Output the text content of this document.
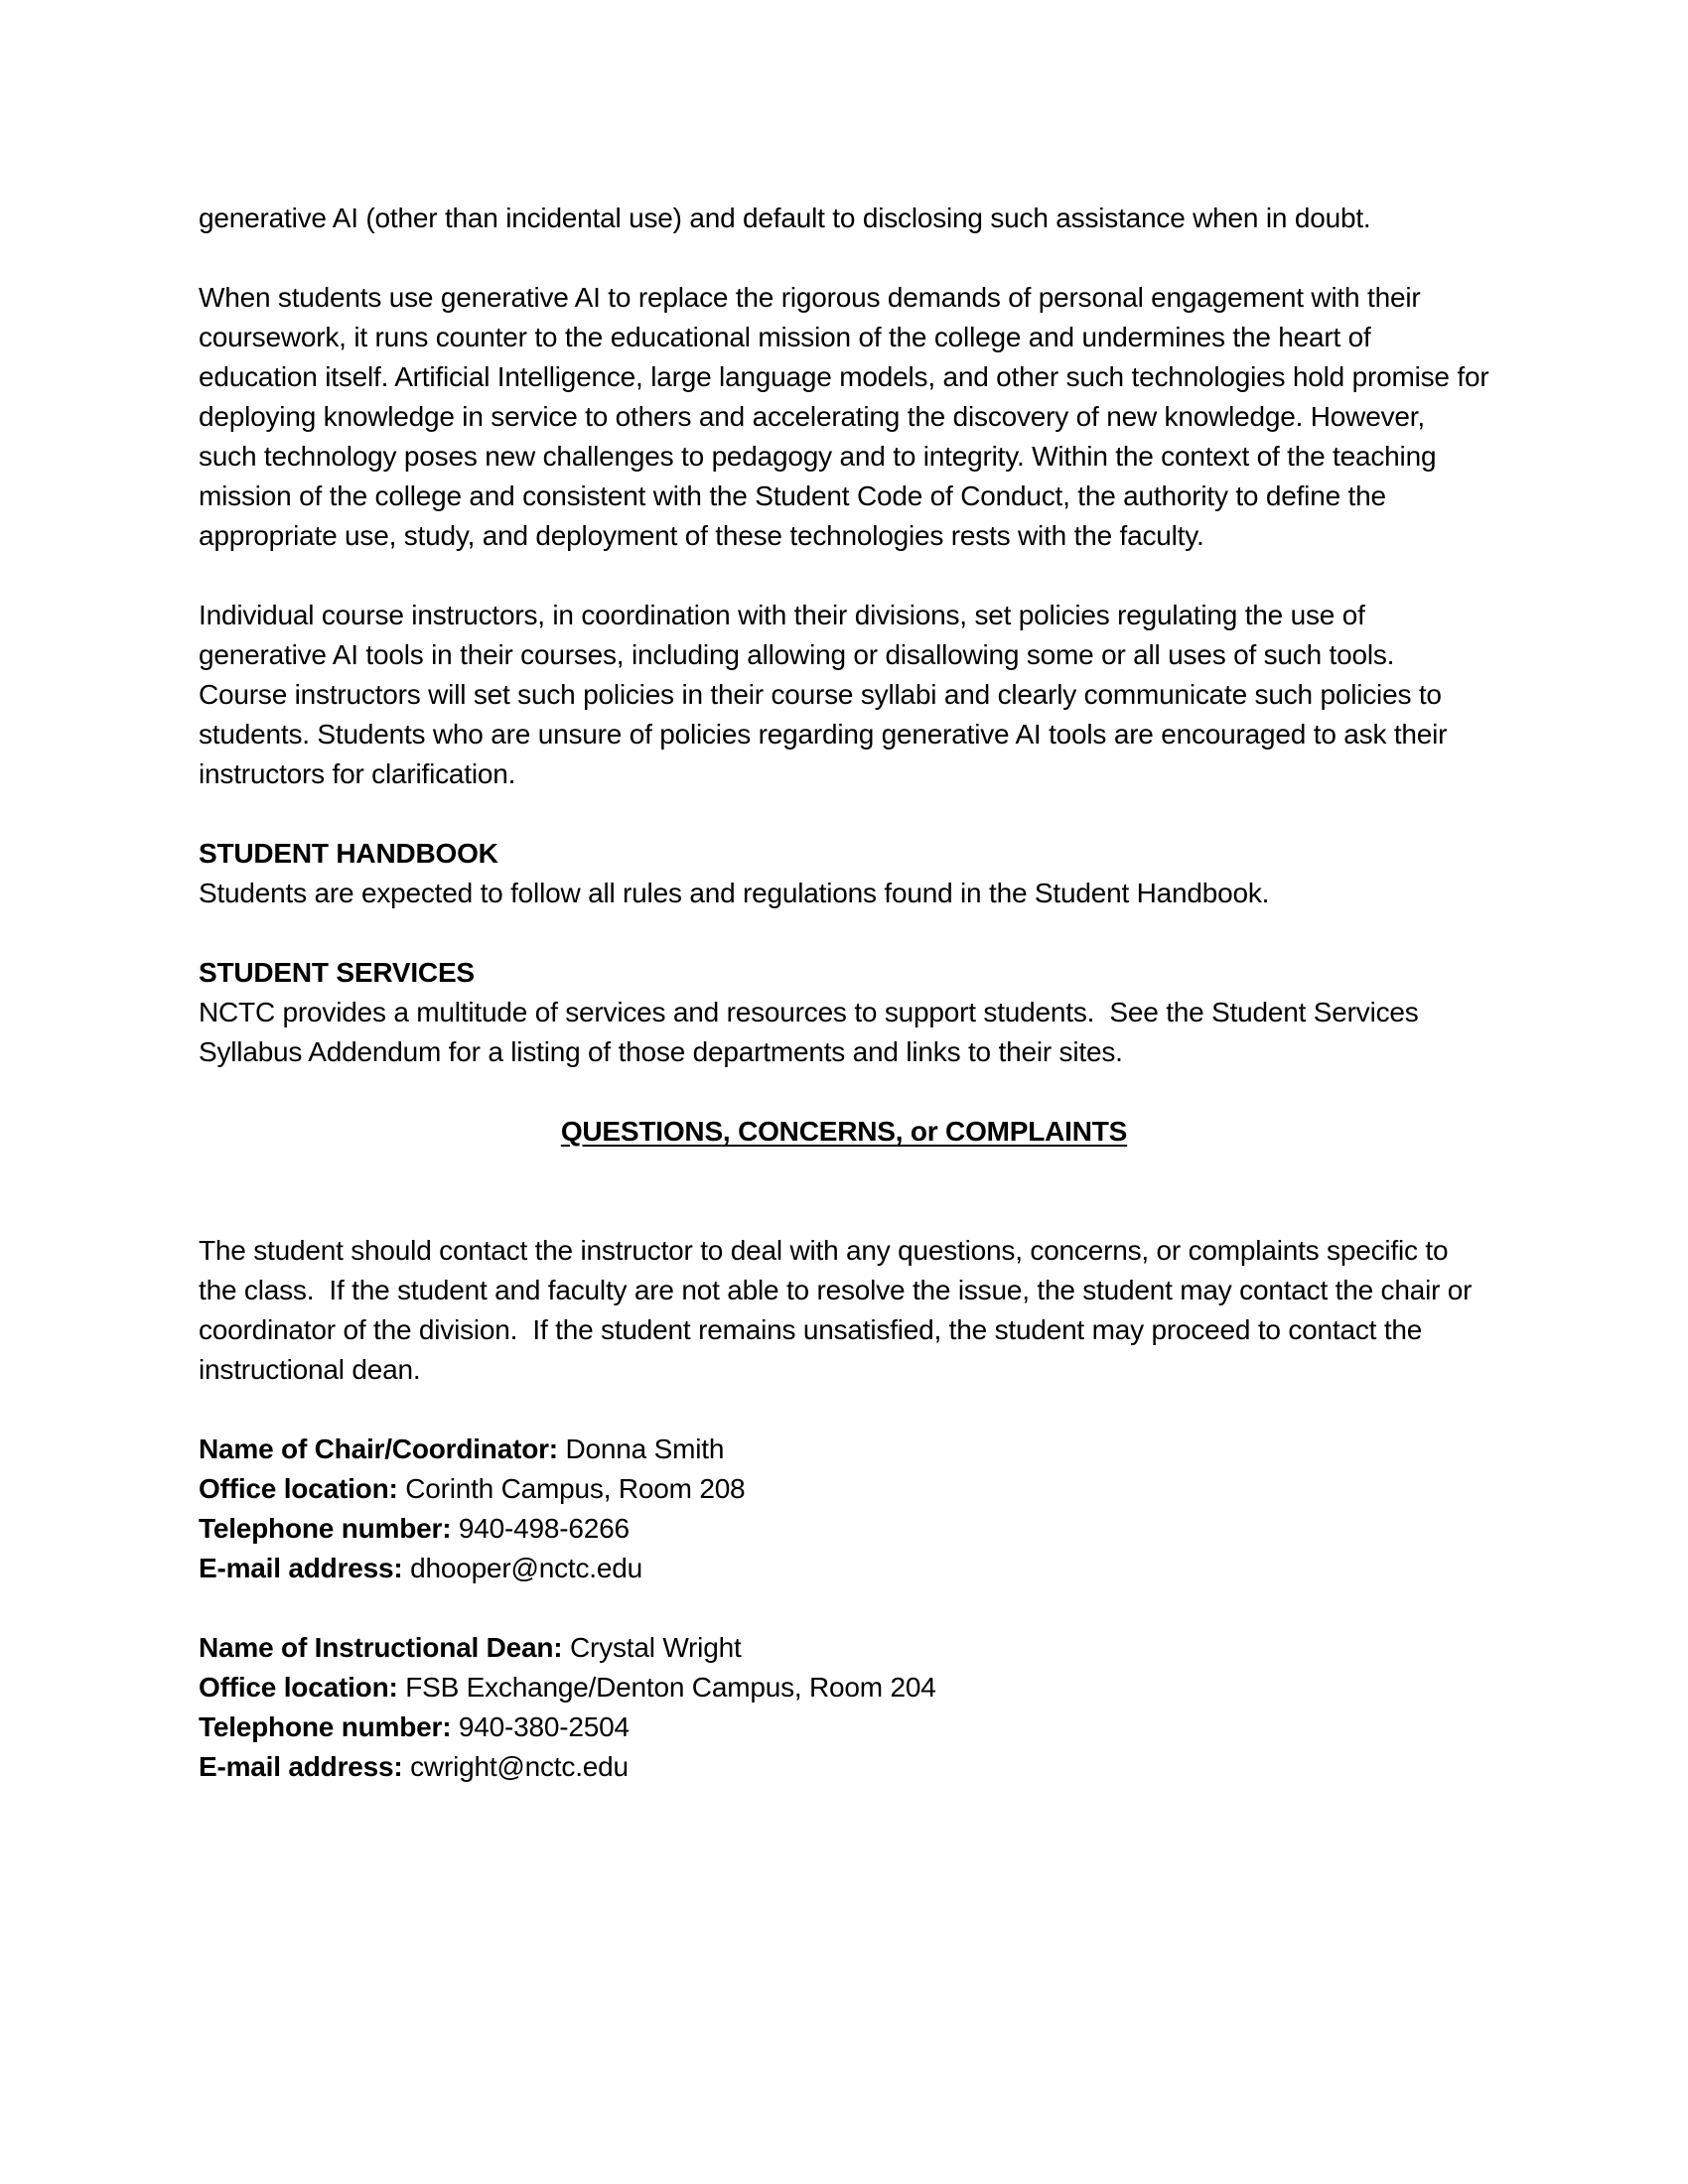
generative AI (other than incidental use) and default to disclosing such assistance when in doubt.

When students use generative AI to replace the rigorous demands of personal engagement with their coursework, it runs counter to the educational mission of the college and undermines the heart of education itself. Artificial Intelligence, large language models, and other such technologies hold promise for deploying knowledge in service to others and accelerating the discovery of new knowledge. However, such technology poses new challenges to pedagogy and to integrity. Within the context of the teaching mission of the college and consistent with the Student Code of Conduct, the authority to define the appropriate use, study, and deployment of these technologies rests with the faculty.

Individual course instructors, in coordination with their divisions, set policies regulating the use of generative AI tools in their courses, including allowing or disallowing some or all uses of such tools. Course instructors will set such policies in their course syllabi and clearly communicate such policies to students. Students who are unsure of policies regarding generative AI tools are encouraged to ask their instructors for clarification.

STUDENT HANDBOOK

Students are expected to follow all rules and regulations found in the Student Handbook.

STUDENT SERVICES

NCTC provides a multitude of services and resources to support students.  See the Student Services Syllabus Addendum for a listing of those departments and links to their sites.

QUESTIONS, CONCERNS, or COMPLAINTS

The student should contact the instructor to deal with any questions, concerns, or complaints specific to the class.  If the student and faculty are not able to resolve the issue, the student may contact the chair or coordinator of the division.  If the student remains unsatisfied, the student may proceed to contact the instructional dean.

Name of Chair/Coordinator: Donna Smith
Office location: Corinth Campus, Room 208
Telephone number: 940-498-6266
E-mail address: dhooper@nctc.edu
Name of Instructional Dean: Crystal Wright
Office location: FSB Exchange/Denton Campus, Room 204
Telephone number: 940-380-2504
E-mail address: cwright@nctc.edu
